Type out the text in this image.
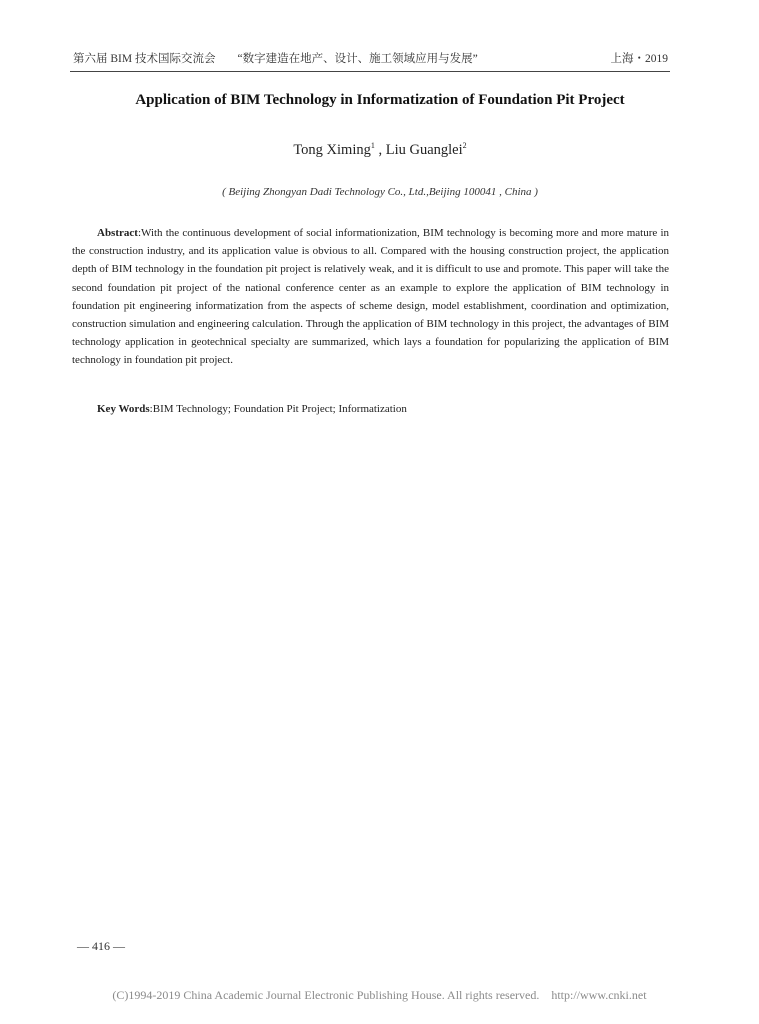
第六届 BIM 技术国际交流会 “数字建造在地产、设计、施工领域应用与发展”	上海・2019
Application of BIM Technology in Informatization of Foundation Pit Project
Tong Ximing$^1$ , Liu Guanglei$^2$
( Beijing Zhongyan Dadi Technology Co., Ltd.,Beijing 100041 , China )

Abstract:With the continuous development of social informationization, BIM technology is becoming more and more mature in the construction industry, and its application value is obvious to all. Compared with the housing construction project, the application depth of BIM technology in the foundation pit project is relatively weak, and it is difficult to use and promote. This paper will take the second foundation pit project of the national conference center as an example to explore the application of BIM technology in foundation pit engineering informatization from the aspects of scheme design, model establishment, coordination and optimization, construction simulation and engineering calculation. Through the application of BIM technology in this project, the advantages of BIM technology application in geotechnical specialty are summarized, which lays a foundation for popularizing the application of BIM technology in foundation pit project.

Key Words:BIM Technology; Foundation Pit Project; Informatization
— 416 —
(C)1994-2019 China Academic Journal Electronic Publishing House. All rights reserved. http://www.cnki.net
